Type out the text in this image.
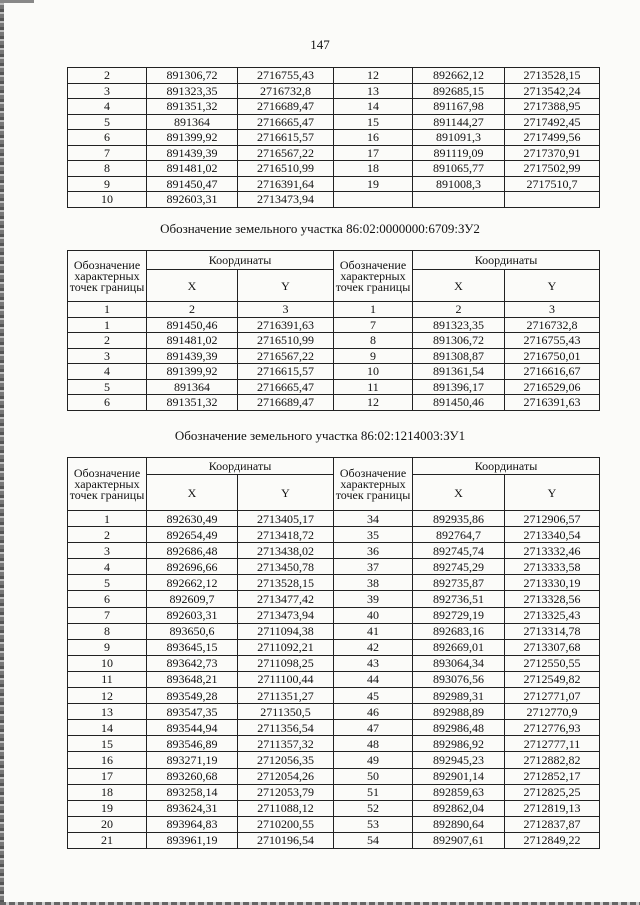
147
2	891306,72	2716755,43	12	892662,12	2713528,15
3	891323,35	2716732,8	13	892685,15	2713542,24
4	891351,32	2716689,47	14	891167,98	2717388,95
5	891364	2716665,47	15	891144,27	2717492,45
6	891399,92	2716615,57	16	891091,3	2717499,56
7	891439,39	2716567,22	17	891119,09	2717370,91
8	891481,02	2716510,99	18	891065,77	2717502,99
9	891450,47	2716391,64	19	891008,3	2717510,7
10	892603,31	2713473,94			
Обозначение земельного участка 86:02:0000000:6709:ЗУ2
Обозначение характерных точек границы	Координаты		Обозначение характерных точек границы	Координаты	
	X	Y		X	Y
1	2	3	1	2	3
1	891450,46	2716391,63	7	891323,35	2716732,8
2	891481,02	2716510,99	8	891306,72	2716755,43
3	891439,39	2716567,22	9	891308,87	2716750,01
4	891399,92	2716615,57	10	891361,54	2716616,67
5	891364	2716665,47	11	891396,17	2716529,06
6	891351,32	2716689,47	12	891450,46	2716391,63
Обозначение земельного участка 86:02:1214003:ЗУ1
Обозначение характерных точек границы	Координаты		Обозначение характерных точек границы	Координаты	
	X	Y		X	Y
1	892630,49	2713405,17	34	892935,86	2712906,57
2	892654,49	2713418,72	35	892764,7	2713340,54
3	892686,48	2713438,02	36	892745,74	2713332,46
4	892696,66	2713450,78	37	892745,29	2713333,58
5	892662,12	2713528,15	38	892735,87	2713330,19
6	892609,7	2713477,42	39	892736,51	2713328,56
7	892603,31	2713473,94	40	892729,19	2713325,43
8	893650,6	2711094,38	41	892683,16	2713314,78
9	893645,15	2711092,21	42	892669,01	2713307,68
10	893642,73	2711098,25	43	893064,34	2712550,55
11	893648,21	2711100,44	44	893076,56	2712549,82
12	893549,28	2711351,27	45	892989,31	2712771,07
13	893547,35	2711350,5	46	892988,89	2712770,9
14	893544,94	2711356,54	47	892986,48	2712776,93
15	893546,89	2711357,32	48	892986,92	2712777,11
16	893271,19	2712056,35	49	892945,23	2712882,82
17	893260,68	2712054,26	50	892901,14	2712852,17
18	893258,14	2712053,79	51	892859,63	2712825,25
19	893624,31	2711088,12	52	892862,04	2712819,13
20	893964,83	2710200,55	53	892890,64	2712837,87
21	893961,19	2710196,54	54	892907,61	2712849,22
